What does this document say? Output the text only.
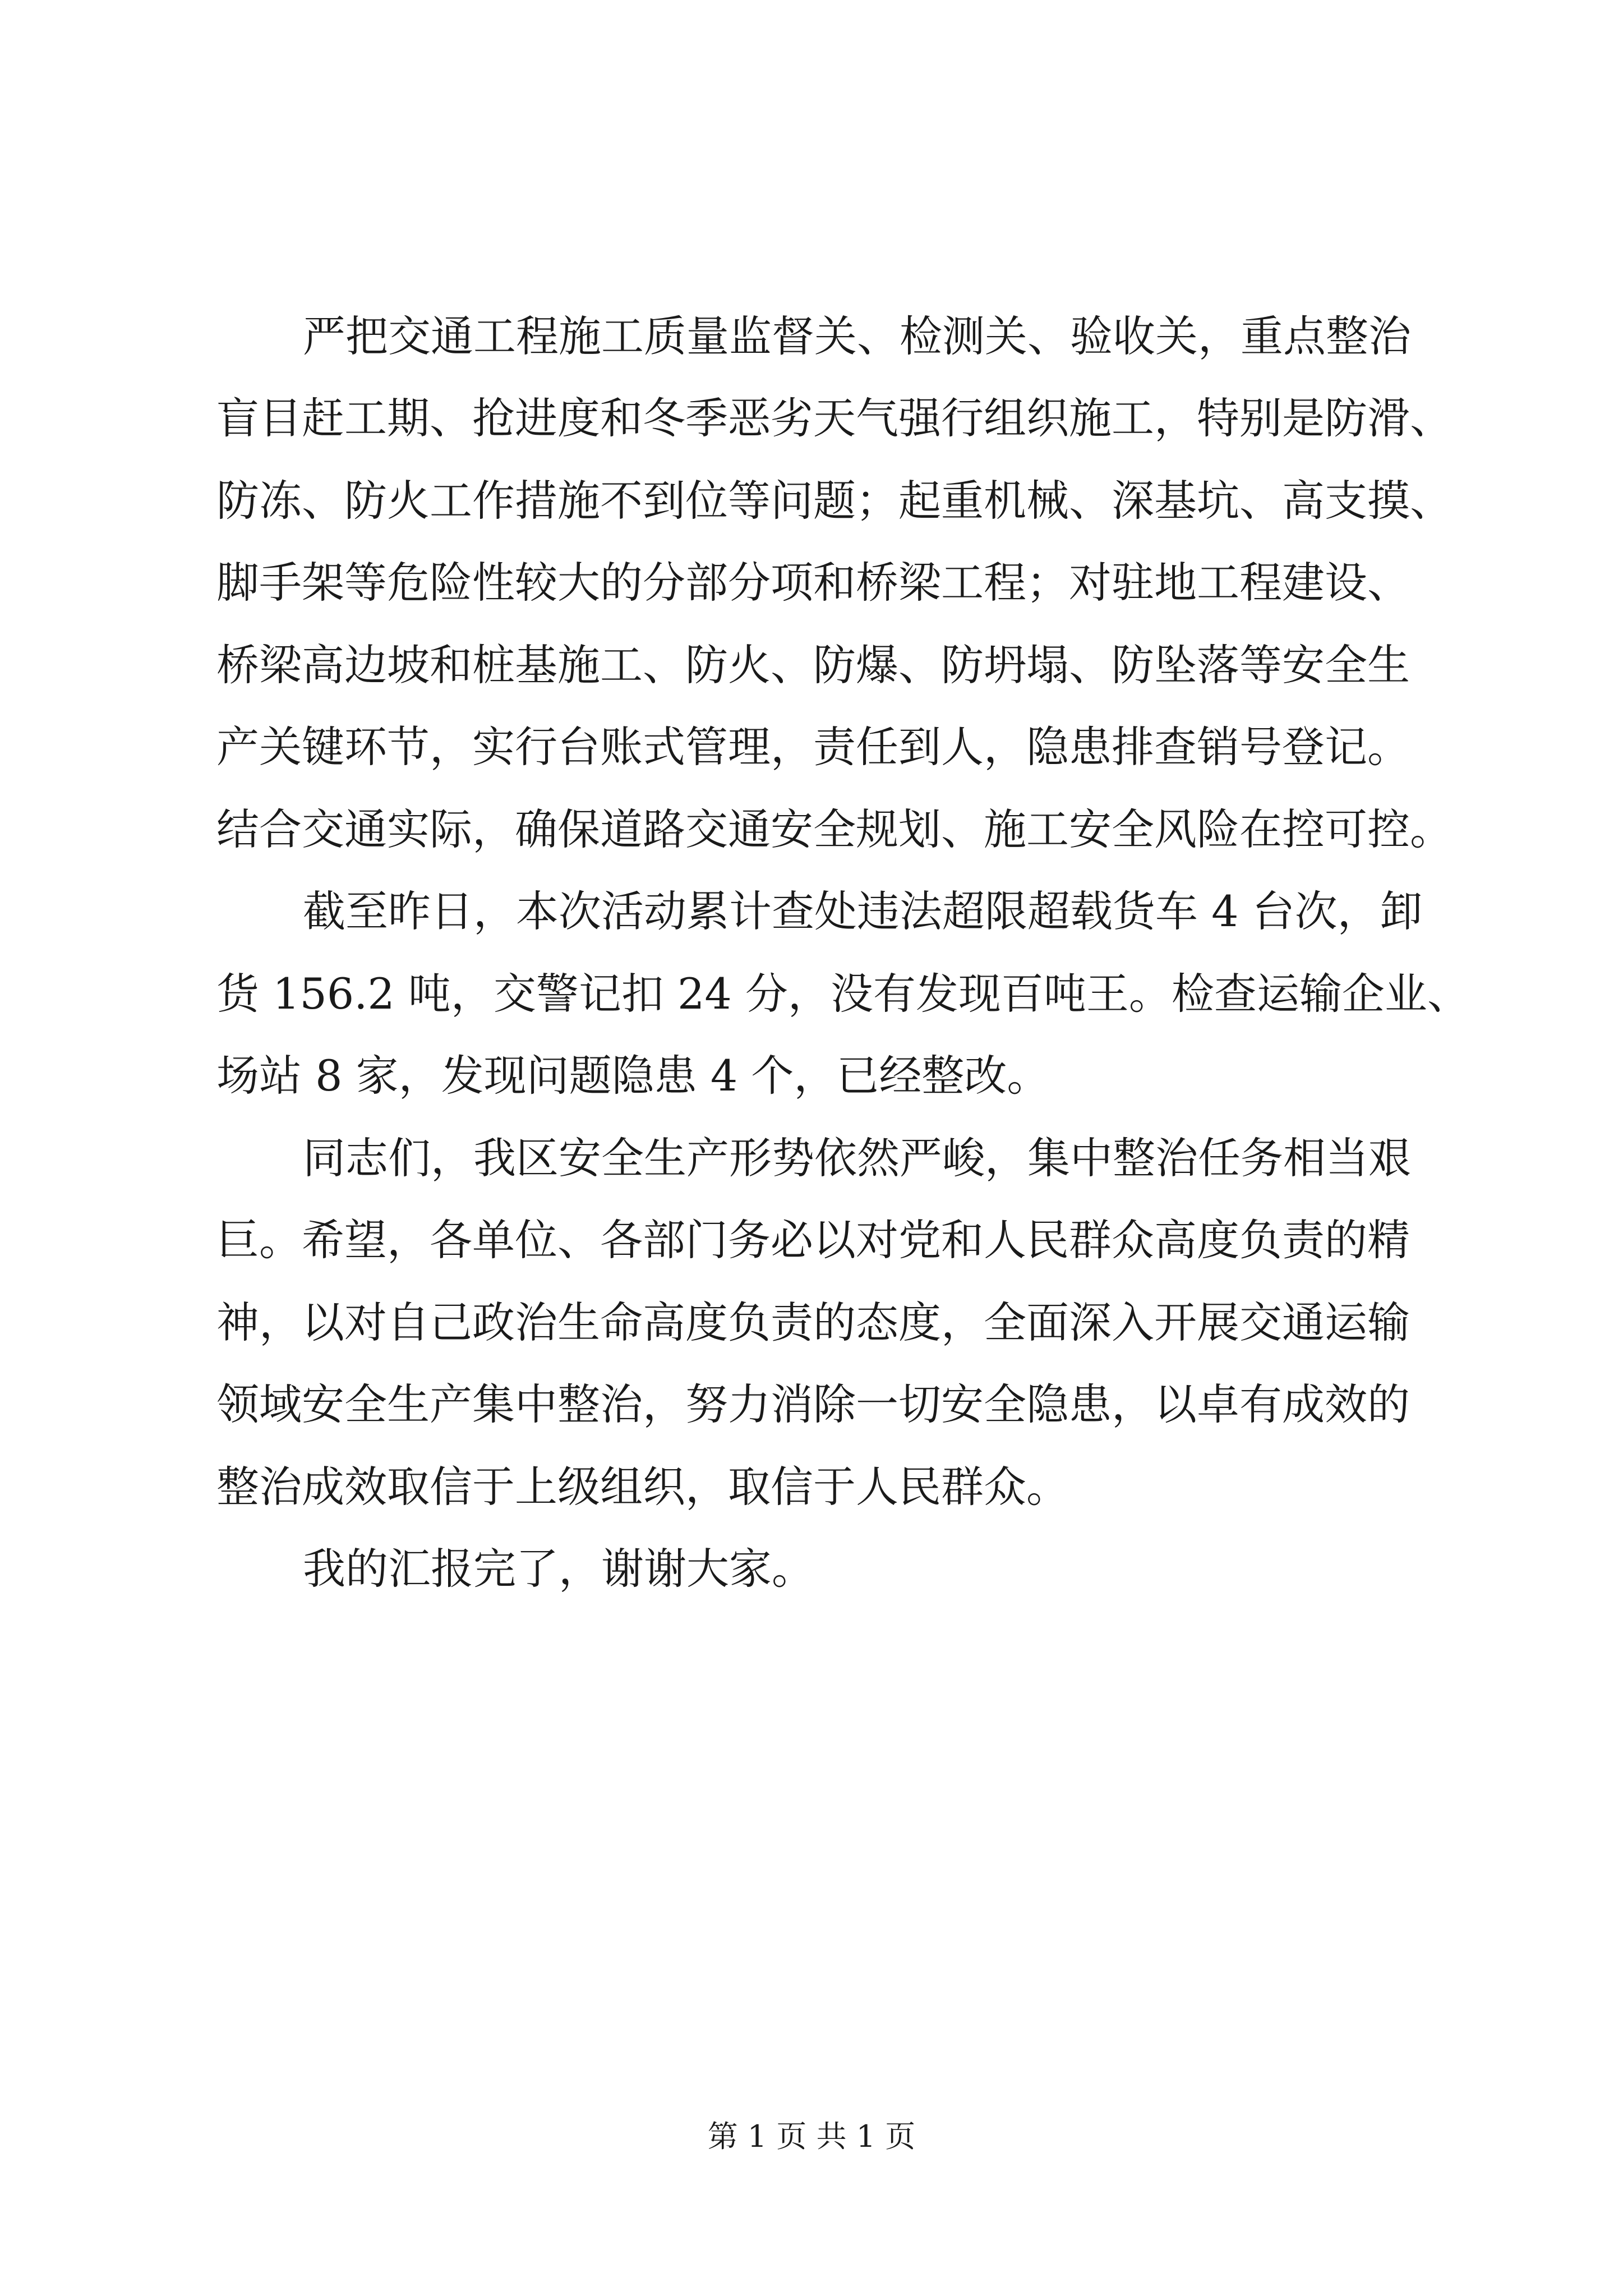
严把交通工程施工质量监督关、检测关、验收关，重点整治
盲目赶工期、抢进度和冬季恶劣天气强行组织施工，特别是防滑、
防冻、防火工作措施不到位等问题；起重机械、深基坑、高支摸、
脚手架等危险性较大的分部分项和桥梁工程；对驻地工程建设、
桥梁高边坡和桩基施工、防火、防爆、防坍塌、防坠落等安全生
产关键环节，实行台账式管理，责任到人，隐患排查销号登记。
结合交通实际，确保道路交通安全规划、施工安全风险在控可控。
截至昨日，本次活动累计查处违法超限超载货车 4 台次，卸
货 156.2 吨，交警记扣 24 分，没有发现百吨王。检查运输企业、
场站 8 家，发现问题隐患 4 个，已经整改。
同志们，我区安全生产形势依然严峻，集中整治任务相当艰
巨。希望，各单位、各部门务必以对党和人民群众高度负责的精
神，以对自己政治生命高度负责的态度，全面深入开展交通运输
领域安全生产集中整治，努力消除一切安全隐患，以卓有成效的
整治成效取信于上级组织，取信于人民群众。
我的汇报完了，谢谢大家。
第 1 页 共 1 页
